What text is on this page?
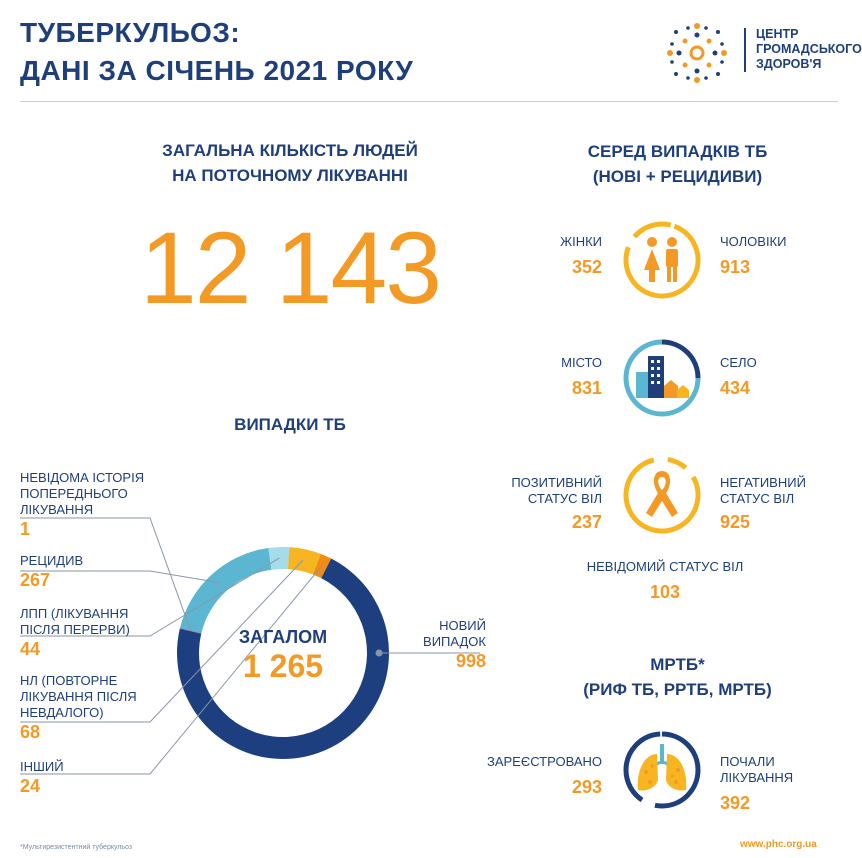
ТУБЕРКУЛЬОЗ:
ДАНІ ЗА СІЧЕНЬ 2021 РОКУ
ЦЕНТР
ГРОМАДСЬКОГО
ЗДОРОВ'Я
ЗАГАЛЬНА КІЛЬКІСТЬ ЛЮДЕЙ
НА ПОТОЧНОМУ ЛІКУВАННІ
12 143
ВИПАДКИ ТБ
ЗАГАЛОМ
1 265
НЕВІДОМА ІСТОРІЯ
ПОПЕРЕДНЬОГО
ЛІКУВАННЯ
1
РЕЦИДИВ
267
ЛПП (ЛІКУВАННЯ
ПІСЛЯ ПЕРЕРВИ)
44
НЛ (ПОВТОРНЕ
ЛІКУВАННЯ ПІСЛЯ
НЕВДАЛОГО)
68
ІНШИЙ
24
НОВИЙ
ВИПАДОК
998
СЕРЕД ВИПАДКІВ ТБ
(НОВІ + РЕЦИДИВИ)
ЖІНКИ
352
ЧОЛОВІКИ
913
МІСТО
831
СЕЛО
434
ПОЗИТИВНИЙ
СТАТУС ВІЛ
237
НЕГАТИВНИЙ
СТАТУС ВІЛ
925
НЕВІДОМИЙ СТАТУС ВІЛ
103
МРТБ*
(РИФ ТБ, РРТБ, МРТБ)
ЗАРЕЄСТРОВАНО
293
ПОЧАЛИ ЛІКУВАННЯ
392
*Мультирезистентний туберкульоз	www.phc.org.ua
